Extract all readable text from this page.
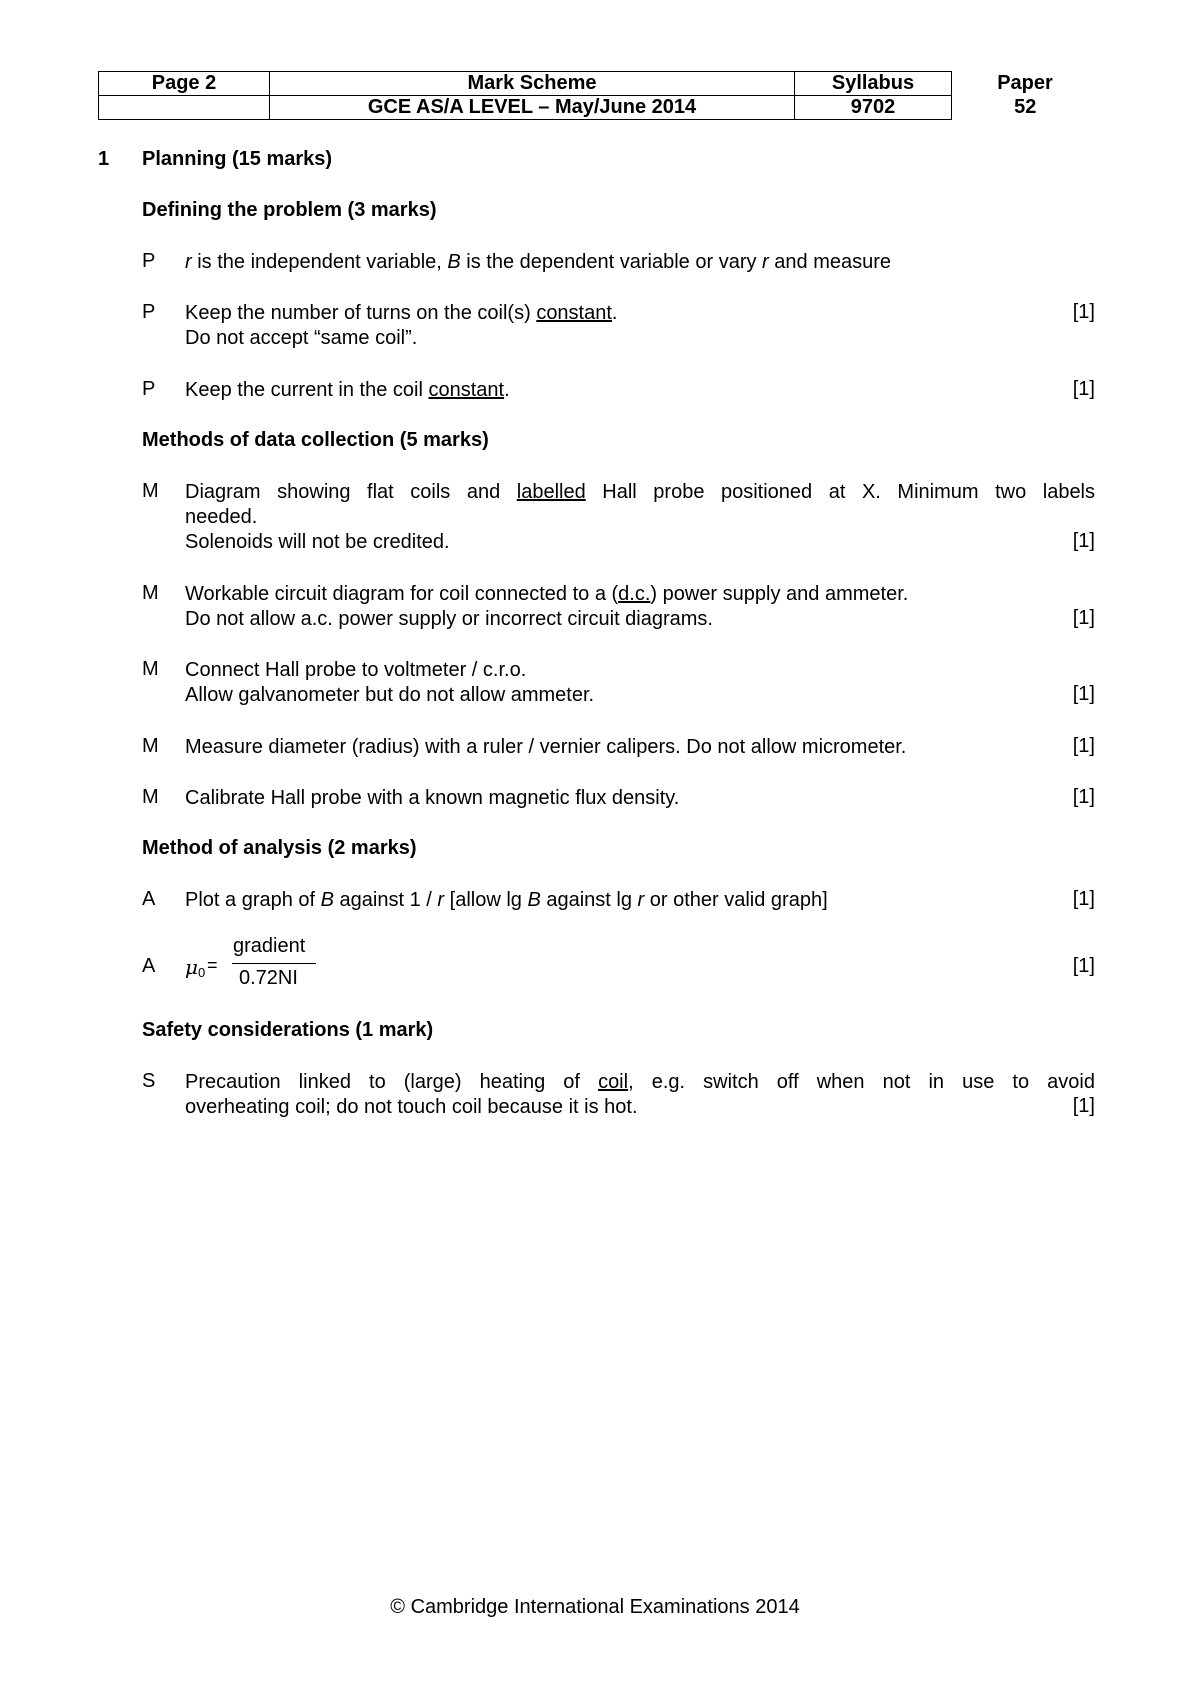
Page 2	Mark Scheme	Syllabus	Paper
	GCE AS/A LEVEL – May/June 2014	9702	52
1 Planning (15 marks)
Defining the problem (3 marks)
P r is the independent variable, B is the dependent variable or vary r and measure
P Keep the number of turns on the coil(s) constant.
Do not accept “same coil”.
[1]
P Keep the current in the coil constant.	[1]
Methods of data collection (5 marks)
M Diagram showing flat coils and labelled Hall probe positioned at X. Minimum two labels
needed.
Solenoids will not be credited.	[1]
M Workable circuit diagram for coil connected to a (d.c.) power supply and ammeter.
Do not allow a.c. power supply or incorrect circuit diagrams.	[1]
M Connect Hall probe to voltmeter / c.r.o.
Allow galvanometer but do not allow ammeter.	[1]
M Measure diameter (radius) with a ruler / vernier calipers. Do not allow micrometer.	[1]
M Calibrate Hall probe with a known magnetic flux density.	[1]
Method of analysis (2 marks)
A Plot a graph of B against 1 / r [allow lg B against lg r or other valid graph]	[1]
A μ 0 =
gradient
0.72NI
[1]
Safety considerations (1 mark)
S Precaution linked to (large) heating of coil, e.g. switch off when not in use to avoid
overheating coil; do not touch coil because it is hot.	[1]
© Cambridge International Examinations 2014
